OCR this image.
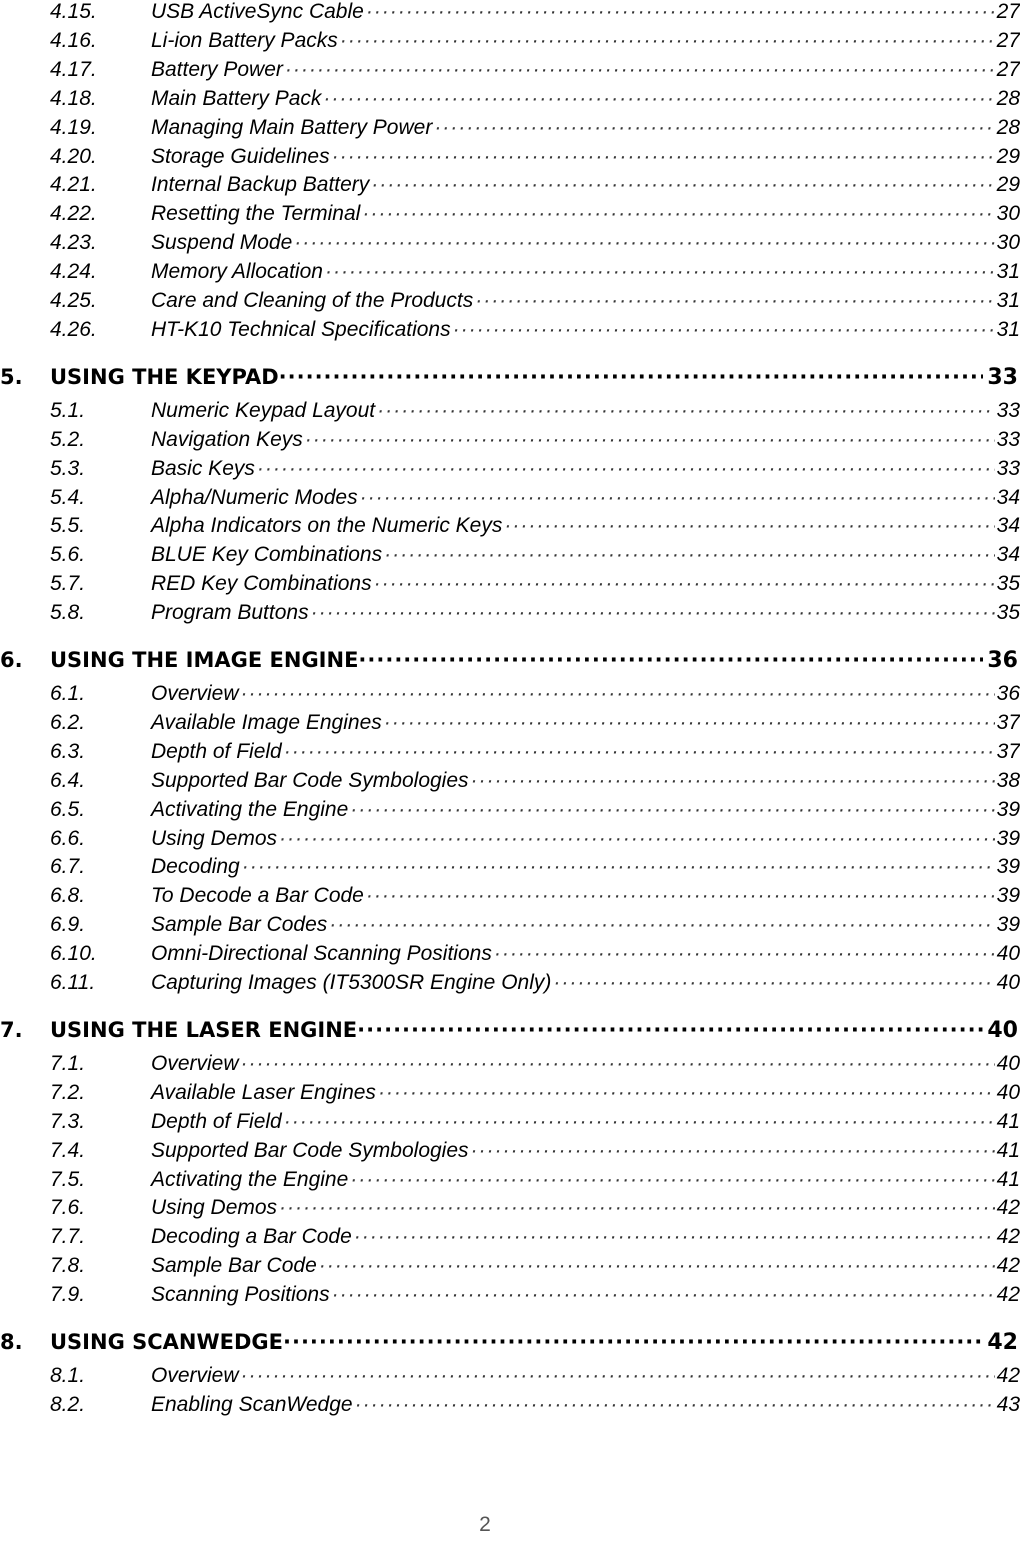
4.15.	USB ActiveSync Cable ·····	27
4.16.	Li-ion Battery Packs ·····	27
4.17.	Battery Power ·····	27
4.18.	Main Battery Pack ·····	28
4.19.	Managing Main Battery Power ·····	28
4.20.	Storage Guidelines ·····	29
4.21.	Internal Backup Battery ·····	29
4.22.	Resetting the Terminal ·····	30
4.23.	Suspend Mode ·····	30
4.24.	Memory Allocation ·····	31
4.25.	Care and Cleaning of the Products ·····	31
4.26.	HT-K10 Technical Specifications ·····	31
5.	USING THE KEYPAD ·····	33
5.1.	Numeric Keypad Layout ·····	33
5.2.	Navigation Keys ·····	33
5.3.	Basic Keys ·····	33
5.4.	Alpha/Numeric Modes ·····	34
5.5.	Alpha Indicators on the Numeric Keys ·····	34
5.6.	BLUE Key Combinations ·····	34
5.7.	RED Key Combinations ·····	35
5.8.	Program Buttons ·····	35
6.	USING THE IMAGE ENGINE ·····	36
6.1.	Overview ·····	36
6.2.	Available Image Engines ·····	37
6.3.	Depth of Field ·····	37
6.4.	Supported Bar Code Symbologies ·····	38
6.5.	Activating the Engine ·····	39
6.6.	Using Demos ·····	39
6.7.	Decoding ·····	39
6.8.	To Decode a Bar Code ·····	39
6.9.	Sample Bar Codes ·····	39
6.10.	Omni-Directional Scanning Positions ·····	40
6.11.	Capturing Images (IT5300SR Engine Only) ·····	40
7.	USING THE LASER ENGINE ·····	40
7.1.	Overview ·····	40
7.2.	Available Laser Engines ·····	40
7.3.	Depth of Field ·····	41
7.4.	Supported Bar Code Symbologies ·····	41
7.5.	Activating the Engine ·····	41
7.6.	Using Demos ·····	42
7.7.	Decoding a Bar Code ·····	42
7.8.	Sample Bar Code ·····	42
7.9.	Scanning Positions ·····	42
8.	USING SCANWEDGE ·····	42
8.1.	Overview ·····	42
8.2.	Enabling ScanWedge ·····	43
2
